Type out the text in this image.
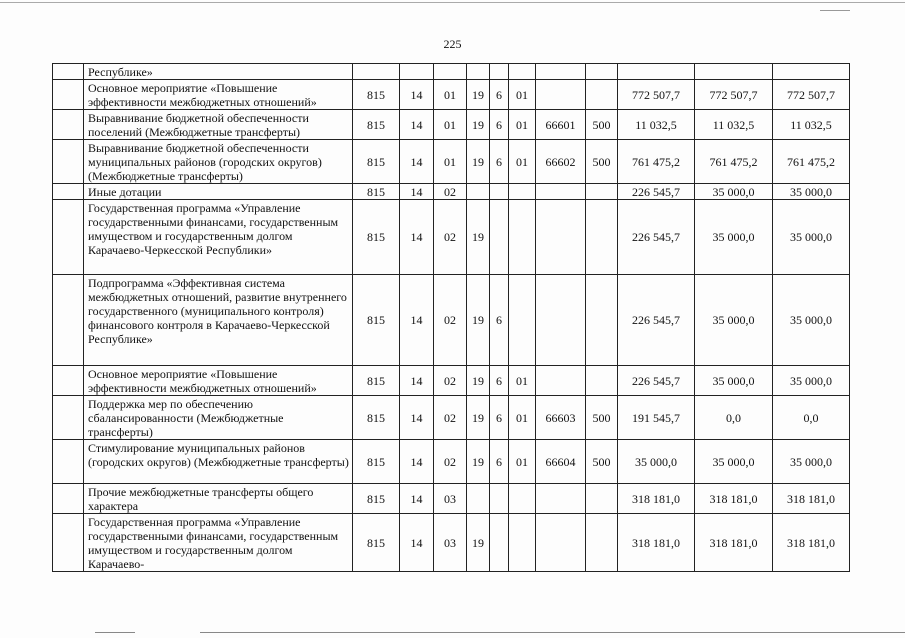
225
	Республике»											
	Основное мероприятие «Повышение эффективности межбюджетных отношений»	815	14	01	19	6	01			772 507,7	772 507,7	772 507,7
	Выравнивание бюджетной обеспеченности поселений (Межбюджетные трансферты)	815	14	01	19	6	01	66601	500	11 032,5	11 032,5	11 032,5
	Выравнивание бюджетной обеспеченности муниципальных районов (городских округов) (Межбюджетные трансферты)	815	14	01	19	6	01	66602	500	761 475,2	761 475,2	761 475,2
	Иные дотации	815	14	02						226 545,7	35 000,0	35 000,0
	Государственная программа «Управление государственными финансами, государственным имуществом и государственным долгом Карачаево-Черкесской Республики»	815	14	02	19					226 545,7	35 000,0	35 000,0
	Подпрограмма «Эффективная система межбюджетных отношений, развитие внутреннего государственного (муниципального контроля) финансового контроля в Карачаево-Черкесской Республике»	815	14	02	19	6				226 545,7	35 000,0	35 000,0
	Основное мероприятие «Повышение эффективности межбюджетных отношений»	815	14	02	19	6	01			226 545,7	35 000,0	35 000,0
	Поддержка мер по обеспечению сбалансированности (Межбюджетные трансферты)	815	14	02	19	6	01	66603	500	191 545,7	0,0	0,0
	Стимулирование муниципальных районов (городских округов) (Межбюджетные трансферты)	815	14	02	19	6	01	66604	500	35 000,0	35 000,0	35 000,0
	Прочие межбюджетные трансферты общего характера	815	14	03						318 181,0	318 181,0	318 181,0
	Государственная программа «Управление государственными финансами, государственным имуществом и государственным долгом Карачаево-	815	14	03	19					318 181,0	318 181,0	318 181,0
